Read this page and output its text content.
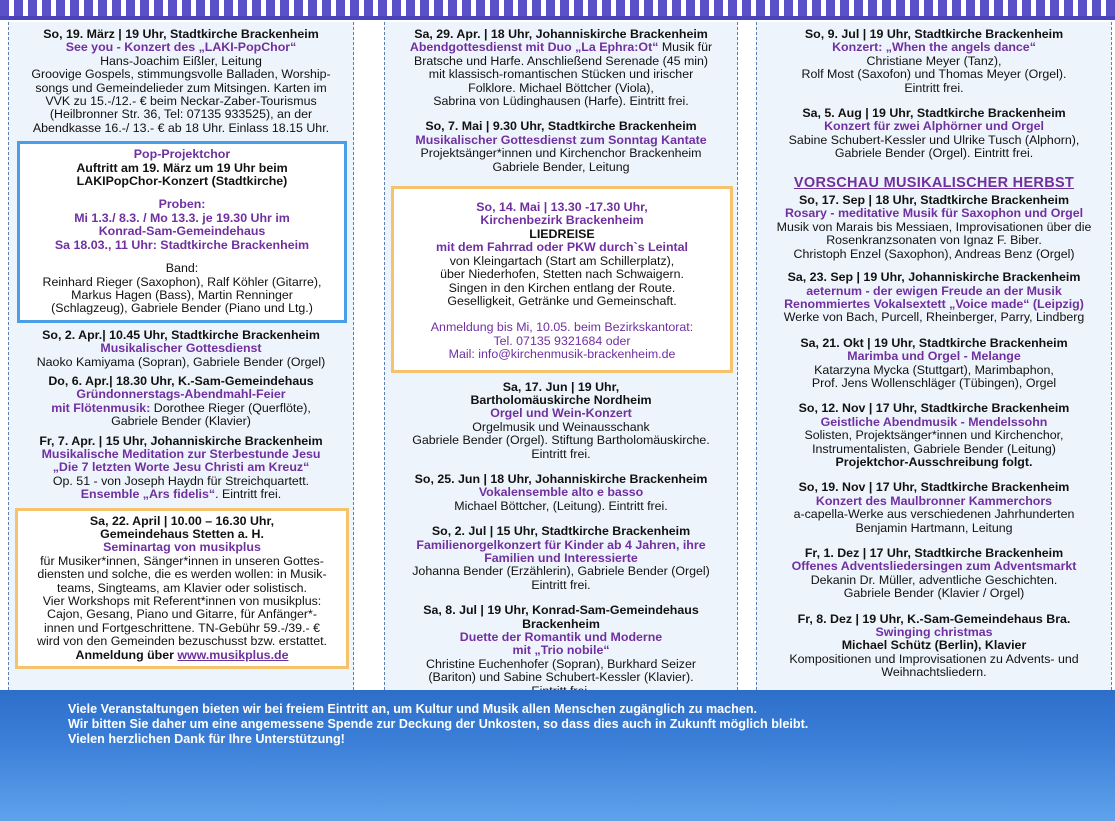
So, 19. März | 19 Uhr, Stadtkirche Brackenheim
See you - Konzert des „LAKI-PopChor“
Hans-Joachim Eißler, Leitung
Groovige Gospels, stimmungsvolle Balladen, Worship-
songs und Gemeindelieder zum Mitsingen. Karten im
VVK zu 15.-/12.- € beim Neckar-Zaber-Tourismus
(Heilbronner Str. 36, Tel: 07135 933525), an der
Abendkasse 16.-/ 13.- € ab 18 Uhr. Einlass 18.15 Uhr.
Pop-Projektchor
Auftritt am 19. März um 19 Uhr beim
LAKIPopChor-Konzert (Stadtkirche)
Proben:
Mi 1.3./ 8.3. / Mo 13.3. je 19.30 Uhr im
Konrad-Sam-Gemeindehaus
Sa 18.03., 11 Uhr: Stadtkirche Brackenheim
Band:
Reinhard Rieger (Saxophon), Ralf Köhler (Gitarre),
Markus Hagen (Bass), Martin Renninger
(Schlagzeug), Gabriele Bender (Piano und Ltg.)
So, 2. Apr.| 10.45 Uhr, Stadtkirche Brackenheim
Musikalischer Gottesdienst
Naoko Kamiyama (Sopran), Gabriele Bender (Orgel)
Do, 6. Apr.| 18.30 Uhr, K.-Sam-Gemeindehaus
Gründonnerstags-Abendmahl-Feier
mit Flötenmusik: Dorothee Rieger (Querflöte),
Gabriele Bender (Klavier)
Fr, 7. Apr. | 15 Uhr, Johanniskirche Brackenheim
Musikalische Meditation zur Sterbestunde Jesu
„Die 7 letzten Worte Jesu Christi am Kreuz“
Op. 51 - von Joseph Haydn für Streichquartett.
Ensemble „Ars fidelis“. Eintritt frei.
Sa, 22. April | 10.00 – 16.30 Uhr,
Gemeindehaus Stetten a. H.
Seminartag von musikplus
für Musiker*innen, Sänger*innen in unseren Gottes-
diensten und solche, die es werden wollen: in Musik-
teams, Singteams, am Klavier oder solistisch.
Vier Workshops mit Referent*innen von musikplus:
Cajon, Gesang, Piano und Gitarre, für Anfänger*-
innen und Fortgeschrittene. TN-Gebühr 59.-/39.- €
wird von den Gemeinden bezuschusst bzw. erstattet.
Anmeldung über www.musikplus.de
Sa, 29. Apr. | 18 Uhr, Johanniskirche Brackenheim
Abendgottesdienst mit Duo „La Ephra:Ot“ Musik für
Bratsche und Harfe. Anschließend Serenade (45 min)
mit klassisch-romantischen Stücken und irischer
Folklore. Michael Böttcher (Viola),
Sabrina von Lüdinghausen (Harfe). Eintritt frei.
So, 7. Mai | 9.30 Uhr, Stadtkirche Brackenheim
Musikalischer Gottesdienst zum Sonntag Kantate
Projektsänger*innen und Kirchenchor Brackenheim
Gabriele Bender, Leitung
So, 14. Mai | 13.30 -17.30 Uhr,
Kirchenbezirk Brackenheim
LIEDREISE
mit dem Fahrrad oder PKW durch`s Leintal
von Kleingartach (Start am Schillerplatz),
über Niederhofen, Stetten nach Schwaigern.
Singen in den Kirchen entlang der Route.
Geselligkeit, Getränke und Gemeinschaft.
Anmeldung bis Mi, 10.05. beim Bezirkskantorat:
Tel. 07135 9321684 oder
Mail: info@kirchenmusik-brackenheim.de
Sa, 17. Jun | 19 Uhr,
Bartholomäuskirche Nordheim
Orgel und Wein-Konzert
Orgelmusik und Weinausschank
Gabriele Bender (Orgel). Stiftung Bartholomäuskirche.
Eintritt frei.
So, 25. Jun | 18 Uhr, Johanniskirche Brackenheim
Vokalensemble alto e basso
Michael Böttcher, (Leitung). Eintritt frei.
So, 2. Jul | 15 Uhr, Stadtkirche Brackenheim
Familienorgelkonzert für Kinder ab 4 Jahren, ihre
Familien und Interessierte
Johanna Bender (Erzählerin), Gabriele Bender (Orgel)
Eintritt frei.
Sa, 8. Jul | 19 Uhr, Konrad-Sam-Gemeindehaus
Brackenheim
Duette der Romantik und Moderne
mit „Trio nobile“
Christine Euchenhofer (Sopran), Burkhard Seizer
(Bariton) und Sabine Schubert-Kessler (Klavier).
So, 9. Jul | 19 Uhr, Stadtkirche Brackenheim
Konzert: „When the angels dance“
Christiane Meyer (Tanz),
Rolf Most (Saxofon) und Thomas Meyer (Orgel).
Eintritt frei.
Sa, 5. Aug | 19 Uhr, Stadtkirche Brackenheim
Konzert für zwei Alphörner und Orgel
Sabine Schubert-Kessler und Ulrike Tusch (Alphorn),
Gabriele Bender (Orgel). Eintritt frei.
VORSCHAU MUSIKALISCHER HERBST
So, 17. Sep | 18 Uhr, Stadtkirche Brackenheim
Rosary - meditative Musik für Saxophon und Orgel
Musik von Marais bis Messiaen, Improvisationen über die
Rosenkranzsonaten von Ignaz F. Biber.
Christoph Enzel (Saxophon), Andreas Benz (Orgel)
Sa, 23. Sep | 19 Uhr, Johanniskirche Brackenheim
aeternum - der ewigen Freude an der Musik
Renommiertes Vokalsextett „Voice made“ (Leipzig)
Werke von Bach, Purcell, Rheinberger, Parry, Lindberg
Sa, 21. Okt | 19 Uhr, Stadtkirche Brackenheim
Marimba und Orgel - Melange
Katarzyna Mycka (Stuttgart), Marimbaphon,
Prof. Jens Wollenschläger (Tübingen), Orgel
So, 12. Nov | 17 Uhr, Stadtkirche Brackenheim
Geistliche Abendmusik - Mendelssohn
Solisten, Projektsänger*innen und Kirchenchor,
Instrumentalisten, Gabriele Bender (Leitung)
Projektchor-Ausschreibung folgt.
So, 19. Nov | 17 Uhr, Stadtkirche Brackenheim
Konzert des Maulbronner Kammerchors
a-capella-Werke aus verschiedenen Jahrhunderten
Benjamin Hartmann, Leitung
Fr, 1. Dez | 17 Uhr, Stadtkirche Brackenheim
Offenes Adventsliedersingen zum Adventsmarkt
Dekanin Dr. Müller, adventliche Geschichten.
Gabriele Bender (Klavier / Orgel)
Fr, 8. Dez | 19 Uhr, K.-Sam-Gemeindehaus Bra.
Swinging christmas
Michael Schütz (Berlin), Klavier
Kompositionen und Improvisationen zu Advents- und
Weihnachtsliedern.
Viele Veranstaltungen bieten wir bei freiem Eintritt an, um Kultur und Musik allen Menschen zugänglich zu machen.
Wir bitten Sie daher um eine angemessene Spende zur Deckung der Unkosten, so dass dies auch in Zukunft möglich bleibt.
Vielen herzlichen Dank für Ihre Unterstützung!
